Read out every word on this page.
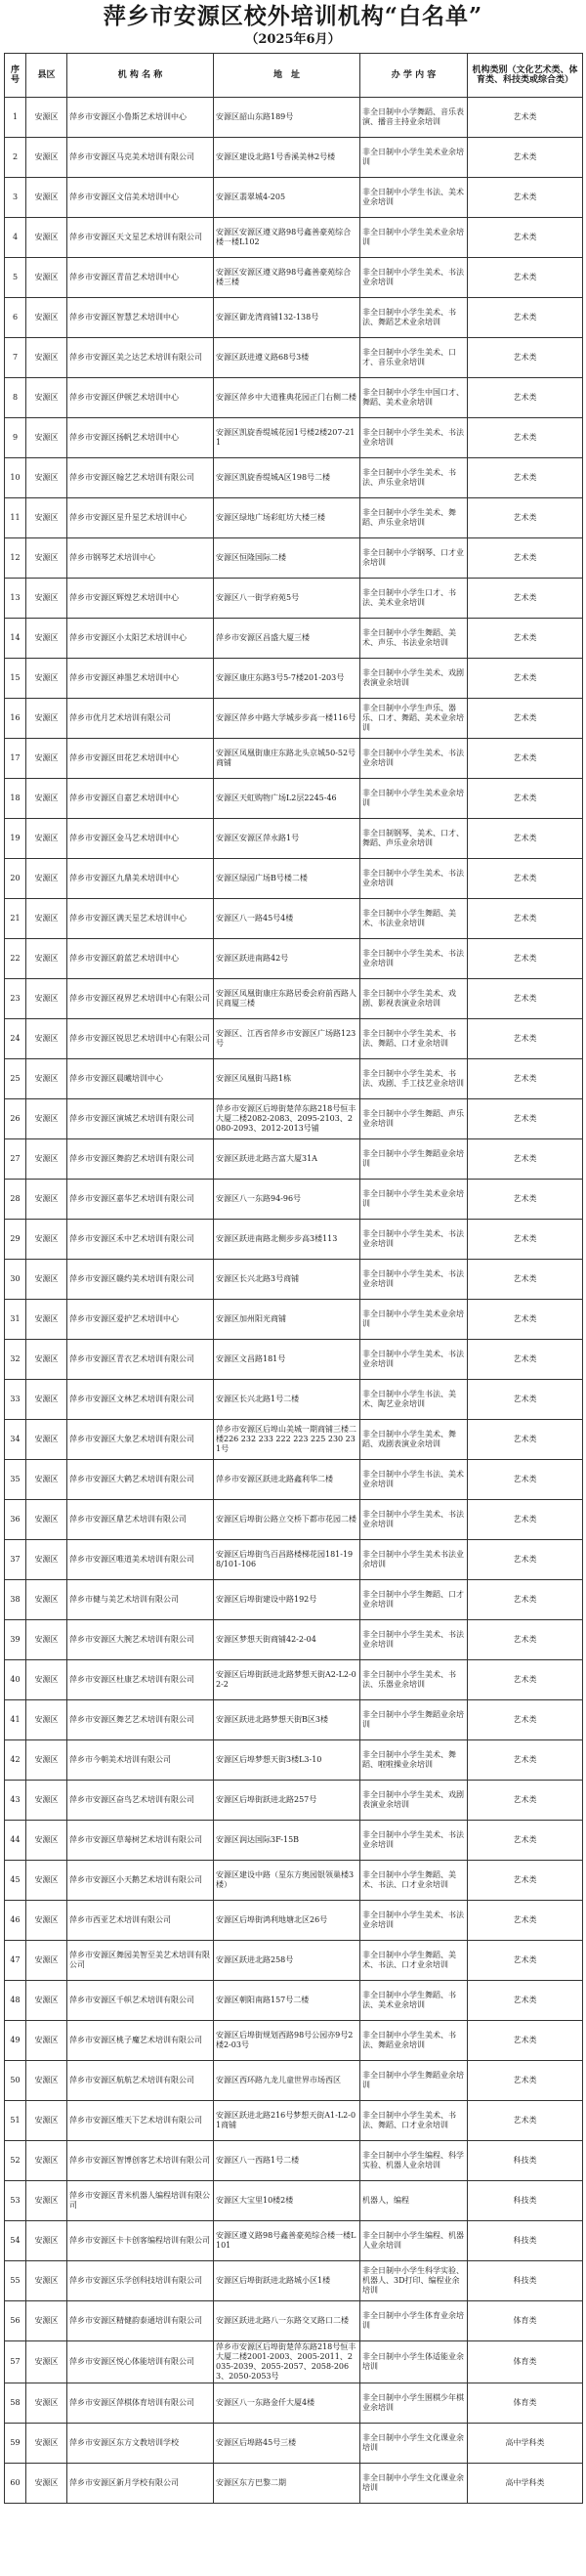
萍乡市安源区校外培训机构“白名单”
（2025年6月）
序号	县区	机 构 名 称	地　址	办 学 内 容	机构类别（文化艺术类、体育类、科技类或综合类）
1	安源区	萍乡市安源区小鲁斯艺术培训中心	安源区韶山东路189号	非全日制中小学舞蹈、音乐表演、播音主持业余培训	艺术类
2	安源区	萍乡市安源区马克美术培训有限公司	安源区建设北路1号香溪美林2号楼	非全日制中小学生美术业余培训	艺术类
3	安源区	萍乡市安源区文信美术培训中心	安源区翡翠城4-205	非全日制中小学生书法、美术业余培训	艺术类
4	安源区	萍乡市安源区天文星艺术培训有限公司	安源区安源区遵义路98号鑫善豪苑综合楼一楼L102	非全日制中小学生美术业余培训	艺术类
5	安源区	萍乡市安源区青苗艺术培训中心	安源区安源区遵义路98号鑫善豪苑综合楼三楼	非全日制中小学生美术、书法业余培训	艺术类
6	安源区	萍乡市安源区智慧艺术培训中心	安源区御龙湾商铺132-138号	非全日制中小学生美术、书法、舞蹈艺术业余培训	艺术类
7	安源区	萍乡市安源区美之达艺术培训有限公司	安源区跃进遵义路68号3楼	非全日制中小学生美术、口才、音乐业余培训	艺术类
8	安源区	萍乡市安源区伊顿艺术培训中心	安源区萍乡中大道雅典花园正门右侧二楼	非全日制中小学生中国口才、舞蹈、美术业余培训	艺术类
9	安源区	萍乡市安源区扬帆艺术培训中心	安源区凯旋香缇城花园1号楼2楼207-211	非全日制中小学生美术、书法业余培训	艺术类
10	安源区	萍乡市安源区翰艺艺术培训有限公司	安源区凯旋香缇城A区198号二楼	非全日制中小学生美术、书法、声乐业余培训	艺术类
11	安源区	萍乡市安源区星升星艺术培训中心	安源区绿地广场彩虹坊大楼三楼	非全日制中小学生美术、舞蹈、声乐业余培训	艺术类
12	安源区	萍乡市钢琴艺术培训中心	安源区恒隆国际二楼	非全日制中小学钢琴、口才业余培训	艺术类
13	安源区	萍乡市安源区辉煌艺术培训中心	安源区八一街学府苑5号	非全日制中小学生口才、书法、美术业余培训	艺术类
14	安源区	萍乡市安源区小太阳艺术培训中心	萍乡市安源区昌盛大厦三楼	非全日制中小学生舞蹈、美术、声乐、书法业余培训	艺术类
15	安源区	萍乡市安源区神墨艺术培训中心	安源区康庄东路3号5-7楼201-203号	非全日制中小学生美术、戏剧表演业余培训	艺术类
16	安源区	萍乡市优月艺术培训有限公司	安源区萍乡中路大学城步步高一楼116号	非全日制中小学生声乐、器乐、口才、舞蹈、美术业余培训	艺术类
17	安源区	萍乡市安源区田花艺术培训中心	安源区凤凰街康庄东路北头京城50-52号商铺	非全日制中小学生美术、书法业余培训	艺术类
18	安源区	萍乡市安源区自嘉艺术培训中心	安源区天虹购物广场L2层2245-46	非全日制中小学生美术业余培训	艺术类
19	安源区	萍乡市安源区金马艺术培训中心	安源区安源区萍永路1号	非全日制钢琴、美术、口才、舞蹈、声乐业余培训	艺术类
20	安源区	萍乡市安源区九鼎美术培训中心	安源区绿园广场B号楼二楼	非全日制中小学生美术、书法业余培训	艺术类
21	安源区	萍乡市安源区满天星艺术培训中心	安源区八一路45号4楼	非全日制中小学生舞蹈、美术、书法业余培训	艺术类
22	安源区	萍乡市安源区蔚蓝艺术培训中心	安源区跃进南路42号	非全日制中小学生美术、书法业余培训	艺术类
23	安源区	萍乡市安源区视界艺术培训中心有限公司	安源区凤凰街康庄东路居委会府前西路人民商厦三楼	非全日制中小学生美术、戏剧、影视表演业余培训	艺术类
24	安源区	萍乡市安源区锐思艺术培训中心有限公司	安源区、江西省萍乡市安源区广场路123号	非全日制中小学生美术、书法、舞蹈、口才业余培训	艺术类
25	安源区	萍乡市安源区晨曦培训中心	安源区凤凰街马路1栋	非全日制中小学生美术、书法、戏剧、手工技艺业余培训	艺术类
26	安源区	萍乡市安源区演城艺术培训有限公司	萍乡市安源区后埠街楚萍东路218号恒丰大厦二楼2082-2083、2095-2103、2080-2093、2012-2013号铺	非全日制中小学生舞蹈、声乐业余培训	艺术类
27	安源区	萍乡市安源区舞韵艺术培训有限公司	安源区跃进北路吉富大厦31A	非全日制中小学生舞蹈业余培训	艺术类
28	安源区	萍乡市安源区嘉华艺术培训有限公司	安源区八一东路94-96号	非全日制中小学生美术业余培训	艺术类
29	安源区	萍乡市安源区禾中艺术培训有限公司	安源区跃进南路北侧步步高3楼113	非全日制中小学生美术、书法业余培训	艺术类
30	安源区	萍乡市安源区赣约美术培训有限公司	安源区长兴北路3号商铺	非全日制中小学生美术、书法业余培训	艺术类
31	安源区	萍乡市安源区爱护艺术培训中心	安源区加州阳光商铺	非全日制中小学生美术业余培训	艺术类
32	安源区	萍乡市安源区青衣艺术培训有限公司	安源区文昌路181号	非全日制中小学生美术、书法业余培训	艺术类
33	安源区	萍乡市安源区文林艺术培训有限公司	安源区长兴北路1号二楼	非全日制中小学生书法、美术、陶艺业余培训	艺术类
34	安源区	萍乡市安源区大象艺术培训有限公司	萍乡市安源区后埠山美城一期商铺三楼二楼226 232 233 222 223 225 230 231号	非全日制中小学生美术、舞蹈、戏剧表演业余培训	艺术类
35	安源区	萍乡市安源区大鹤艺术培训有限公司	萍乡市安源区跃进北路鑫利华二楼	非全日制中小学生书法、美术业余培训	艺术类
36	安源区	萍乡市安源区鼎艺术培训有限公司	安源区后埠街公路立交桥下都市花园二楼	非全日制中小学生美术、书法业余培训	艺术类
37	安源区	萍乡市安源区唯道美术培训有限公司	安源区后埠街鸟百昌路楼梯花园181-198/101-106	非全日制中小学生美术书法业余培训	艺术类
38	安源区	萍乡市健与美艺术培训有限公司	安源区后埠街建设中路192号	非全日制中小学生舞蹈、口才业余培训	艺术类
39	安源区	萍乡市安源区大腕艺术培训有限公司	安源区梦想天街商铺42-2-04	非全日制中小学生美术、书法业余培训	艺术类
40	安源区	萍乡市安源区杜康艺术培训有限公司	安源区后埠街跃进北路梦想天街A2-L2-02-2	非全日制中小学生美术、书法、乐器业余培训	艺术类
41	安源区	萍乡市安源区舞艺艺术培训有限公司	安源区跃进北路梦想天街B区3楼	非全日制中小学生舞蹈业余培训	艺术类
42	安源区	萍乡市今朝美术培训有限公司	安源区后埠梦想天街3楼L3-10	非全日制中小学生美术、舞蹈、啦啦操业余培训	艺术类
43	安源区	萍乡市安源区奋鸟艺术培训有限公司	安源区后埠街跃进北路257号	非全日制中小学生美术、戏剧表演业余培训	艺术类
44	安源区	萍乡市安源区草莓树艺术培训有限公司	安源区润达国际3F-15B	非全日制中小学生美术、书法业余培训	艺术类
45	安源区	萍乡市安源区小天鹅艺术培训有限公司	安源区建设中路（星东方奥园银领巢楼3楼）	非全日制中小学生舞蹈、美术、书法、口才业余培训	艺术类
46	安源区	萍乡市西亚艺术培训有限公司	安源区后埠街鸿利地塘北区26号	非全日制中小学生美术、书法业余培训	艺术类
47	安源区	萍乡市安源区舞园美智至美艺术培训有限公司	安源区跃进北路258号	非全日制中小学生舞蹈、美术、书法、口才业余培训	艺术类
48	安源区	萍乡市安源区千帜艺术培训有限公司	安源区朝阳南路157号二楼	非全日制中小学生舞蹈、书法、美术业余培训	艺术类
49	安源区	萍乡市安源区桃子魔艺术培训有限公司	安源区后埠街规划西路98号公园亦9号2楼2-03号	非全日制中小学生美术、书法、舞蹈业余培训	艺术类
50	安源区	萍乡市安源区航航艺术培训有限公司	安源区西环路九龙儿童世界市场西区	非全日制中小学生舞蹈业余培训	艺术类
51	安源区	萍乡市安源区维天下艺术培训有限公司	安源区跃进北路216号梦想天街A1-L2-01商铺	非全日制中小学生美术、书法、舞蹈、口才业余培训	艺术类
52	安源区	萍乡市安源区智博创客艺术培训有限公司	安源区八一西路1号二楼	非全日制中小学生编程、科学实验、机器人业余培训	科技类
53	安源区	萍乡市安源区青米机器人编程培训有限公司	安源区大宝里10楼2楼	机器人，编程	科技类
54	安源区	萍乡市安源区卡卡创客编程培训有限公司	安源区遵义路98号鑫善豪苑综合楼一楼L101	非全日制中小学生编程、机器人业余培训	科技类
55	安源区	萍乡市安源区乐学创科技培训有限公司	安源区后埠街跃进北路城小区1楼	非全日制中小学生科学实验、机器人、3D打印、编程业余培训	科技类
56	安源区	萍乡市安源区精健韵泰通培训有限公司	安源区跃进北路八一东路交叉路口二楼	非全日制中小学生体育业余培训	体育类
57	安源区	萍乡市安源区悦心体能培训有限公司	萍乡市安源区后埠街楚萍东路218号恒丰大厦二楼2001-2003、2005-2011、2035-2039、2055-2057、2058-2063、2050-2053号	非全日制中小学生体适能业余培训	体育类
58	安源区	萍乡市安源区萍棋体育培训有限公司	安源区八一东路金仟大厦4楼	非全日制中小学生围棋少年棋业余培训	体育类
59	安源区	萍乡市安源区东方文教培训学校	安源区后埠路45号三楼	非全日制中小学生文化课业余培训	高中学科类
60	安源区	萍乡市安源区新月学校有限公司	安源区东方巴黎二期	非全日制中小学生文化课业余培训	高中学科类
